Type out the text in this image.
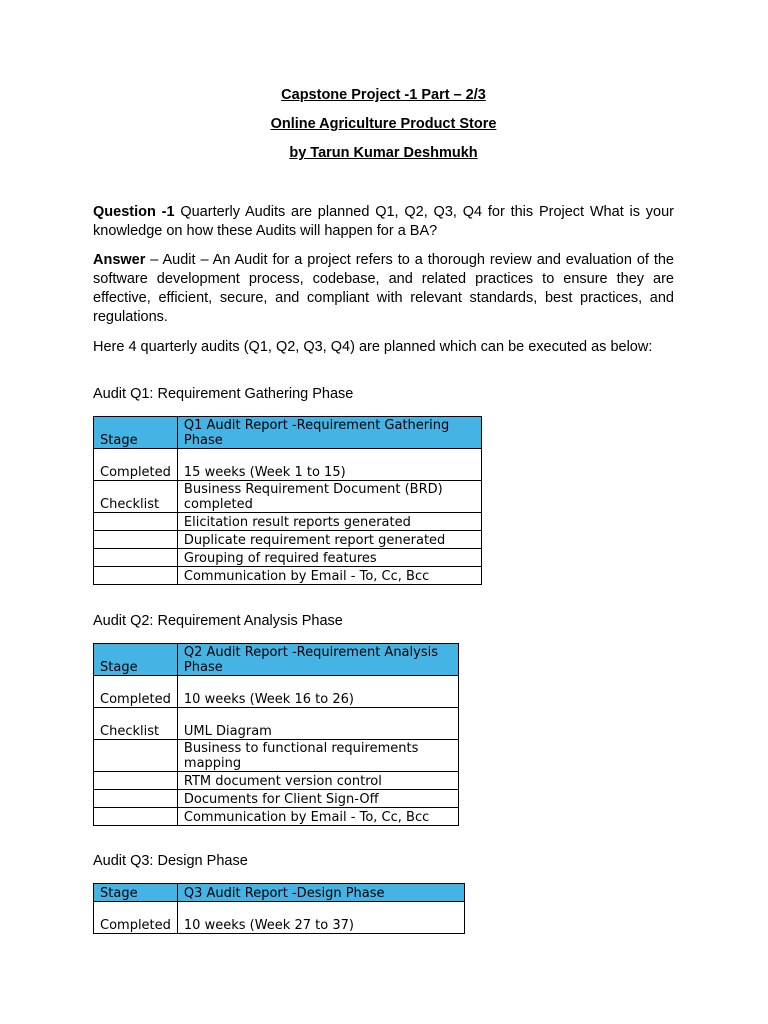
Capstone Project -1 Part – 2/3
Online Agriculture Product Store
by Tarun Kumar Deshmukh
Question -1 Quarterly Audits are planned Q1, Q2, Q3, Q4 for this Project What is your knowledge on how these Audits will happen for a BA?
Answer – Audit – An Audit for a project refers to a thorough review and evaluation of the software development process, codebase, and related practices to ensure they are effective, efficient, secure, and compliant with relevant standards, best practices, and regulations.
Here 4 quarterly audits (Q1, Q2, Q3, Q4) are planned which can be executed as below:
Audit Q1: Requirement Gathering Phase
Stage	Q1 Audit Report -Requirement Gathering Phase
Completed	15 weeks (Week 1 to 15)
Checklist	Business Requirement Document (BRD) completed
	Elicitation result reports generated
	Duplicate requirement report generated
	Grouping of required features
	Communication by Email - To, Cc, Bcc
Audit Q2: Requirement Analysis Phase
Stage	Q2 Audit Report -Requirement Analysis Phase
Completed	10 weeks (Week 16 to 26)
Checklist	UML Diagram
	Business to functional requirements mapping
	RTM document version control
	Documents for Client Sign-Off
	Communication by Email - To, Cc, Bcc
Audit Q3: Design Phase
Stage	Q3 Audit Report -Design Phase
Completed	10 weeks (Week 27 to 37)
